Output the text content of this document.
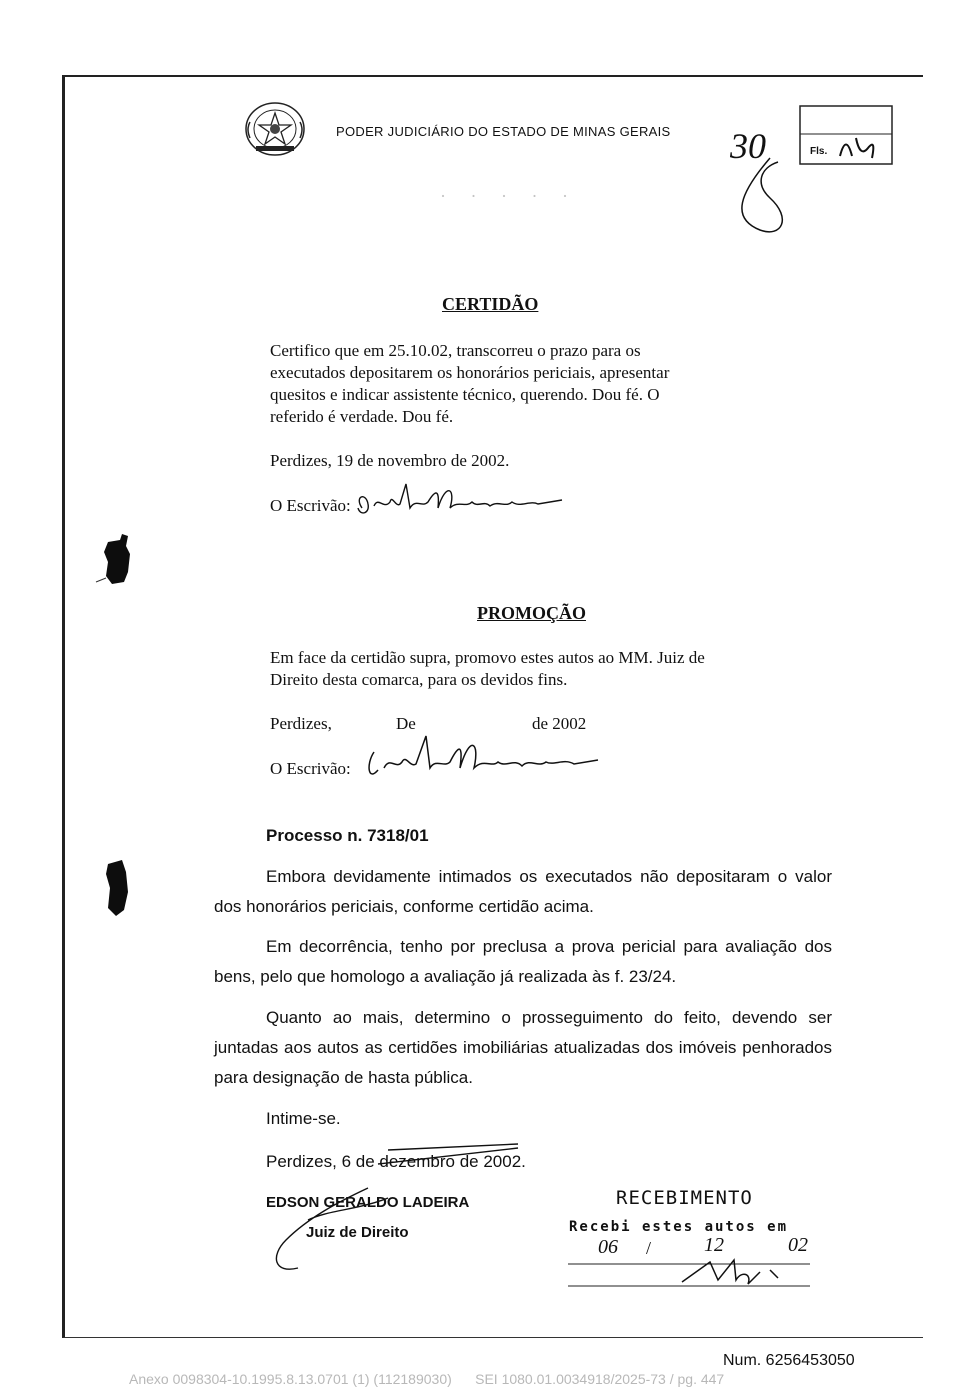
PODER JUDICIÁRIO DO ESTADO DE MINAS GERAIS
Fls.
30
· · · · ·
CERTIDÃO
Certifico que em 25.10.02, transcorreu o prazo para os
executados depositarem os honorários periciais, apresentar
quesitos e indicar assistente técnico, querendo. Dou fé. O
referido é verdade. Dou fé.
Perdizes, 19 de novembro de 2002.
O Escrivão:
PROMOÇÃO
Em face da certidão supra, promovo estes autos ao MM. Juiz de
Direito desta comarca, para os devidos fins.
Perdizes,	De	de 2002
O Escrivão:
Processo n. 7318/01
Embora devidamente intimados os executados não depositaram o valor dos honorários periciais, conforme certidão acima.
Em decorrência, tenho por preclusa a prova pericial para avaliação dos bens, pelo que homologo a avaliação já realizada às f. 23/24.
Quanto ao mais, determino o prosseguimento do feito, devendo ser juntadas aos autos as certidões imobiliárias atualizadas dos imóveis penhorados para designação de hasta pública.
Intime-se.
Perdizes, 6 de dezembro de 2002.
EDSON GERALDO LADEIRA
Juiz de Direito
RECEBIMENTO
Recebi estes autos em
06 /	12	02
Num. 6256453050
Anexo 0098304-10.1995.8.13.0701 (1) (112189030)      SEI 1080.01.0034918/2025-73 / pg. 447
